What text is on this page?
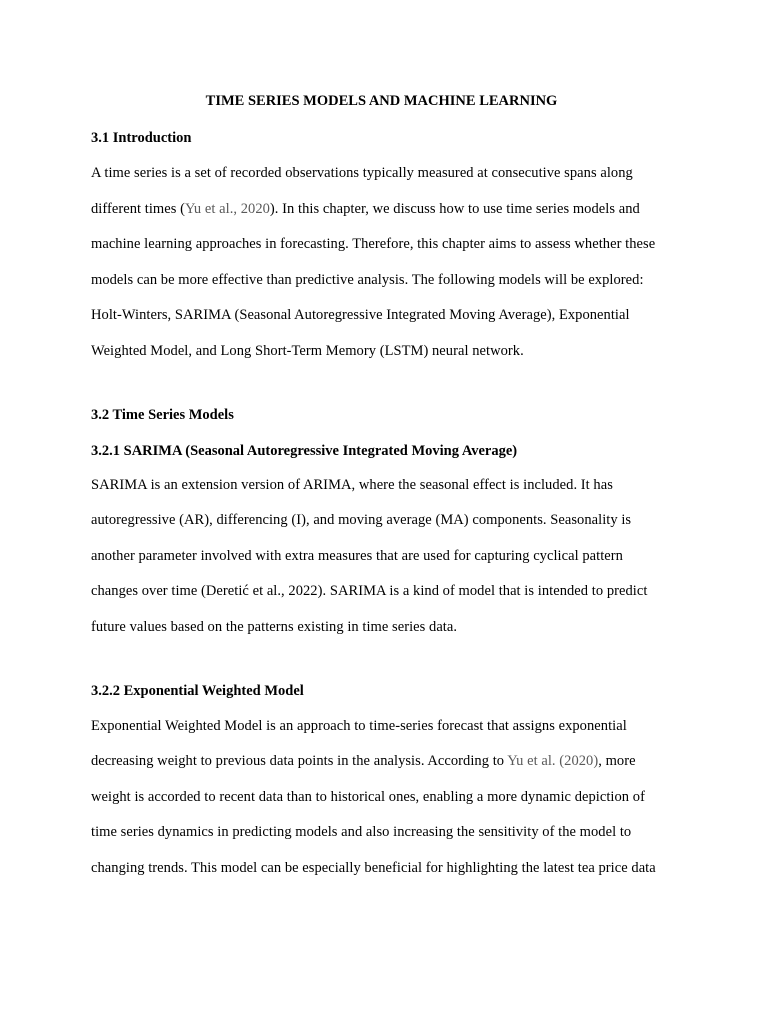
TIME SERIES MODELS AND MACHINE LEARNING
3.1 Introduction

A time series is a set of recorded observations typically measured at consecutive spans along different times (Yu et al., 2020). In this chapter, we discuss how to use time series models and machine learning approaches in forecasting. Therefore, this chapter aims to assess whether these models can be more effective than predictive analysis. The following models will be explored: Holt-Winters, SARIMA (Seasonal Autoregressive Integrated Moving Average), Exponential Weighted Model, and Long Short-Term Memory (LSTM) neural network.

3.2 Time Series Models
3.2.1 SARIMA (Seasonal Autoregressive Integrated Moving Average)

SARIMA is an extension version of ARIMA, where the seasonal effect is included. It has autoregressive (AR), differencing (I), and moving average (MA) components. Seasonality is another parameter involved with extra measures that are used for capturing cyclical pattern changes over time (Deretić et al., 2022). SARIMA is a kind of model that is intended to predict future values based on the patterns existing in time series data.

3.2.2 Exponential Weighted Model

Exponential Weighted Model is an approach to time-series forecast that assigns exponential decreasing weight to previous data points in the analysis. According to Yu et al. (2020), more weight is accorded to recent data than to historical ones, enabling a more dynamic depiction of time series dynamics in predicting models and also increasing the sensitivity of the model to changing trends. This model can be especially beneficial for highlighting the latest tea price data
